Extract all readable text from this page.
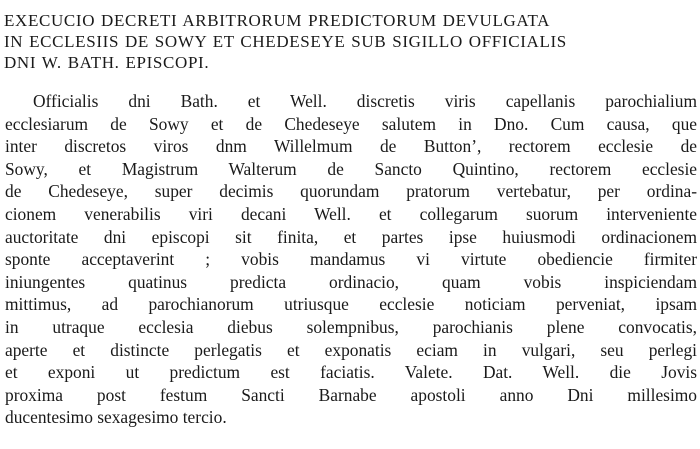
EXECUCIO DECRETI ARBITRORUM PREDICTORUM DEVULGATA
IN ECCLESIIS DE SOWY ET CHEDESEYE SUB SIGILLO OFFICIALIS
DNI W. BATH. EPISCOPI.
Officialis dni Bath. et Well. discretis viris capellanis parochialium
ecclesiarum de Sowy et de Chedeseye salutem in Dno. Cum causa, que
inter discretos viros dnm Willelmum de Button’, rectorem ecclesie de
Sowy, et Magistrum Walterum de Sancto Quintino, rectorem ecclesie
de Chedeseye, super decimis quorundam pratorum vertebatur, per ordina-
cionem venerabilis viri decani Well. et collegarum suorum interveniente
auctoritate dni episcopi sit finita, et partes ipse huiusmodi ordinacionem
sponte acceptaverint ; vobis mandamus vi virtute obediencie firmiter
iniungentes quatinus predicta ordinacio, quam vobis inspiciendam
mittimus, ad parochianorum utriusque ecclesie noticiam perveniat, ipsam
in utraque ecclesia diebus solempnibus, parochianis plene convocatis,
aperte et distincte perlegatis et exponatis eciam in vulgari, seu perlegi
et exponi ut predictum est faciatis. Valete. Dat. Well. die Jovis
proxima post festum Sancti Barnabe apostoli anno Dni millesimo
ducentesimo sexagesimo tercio.
